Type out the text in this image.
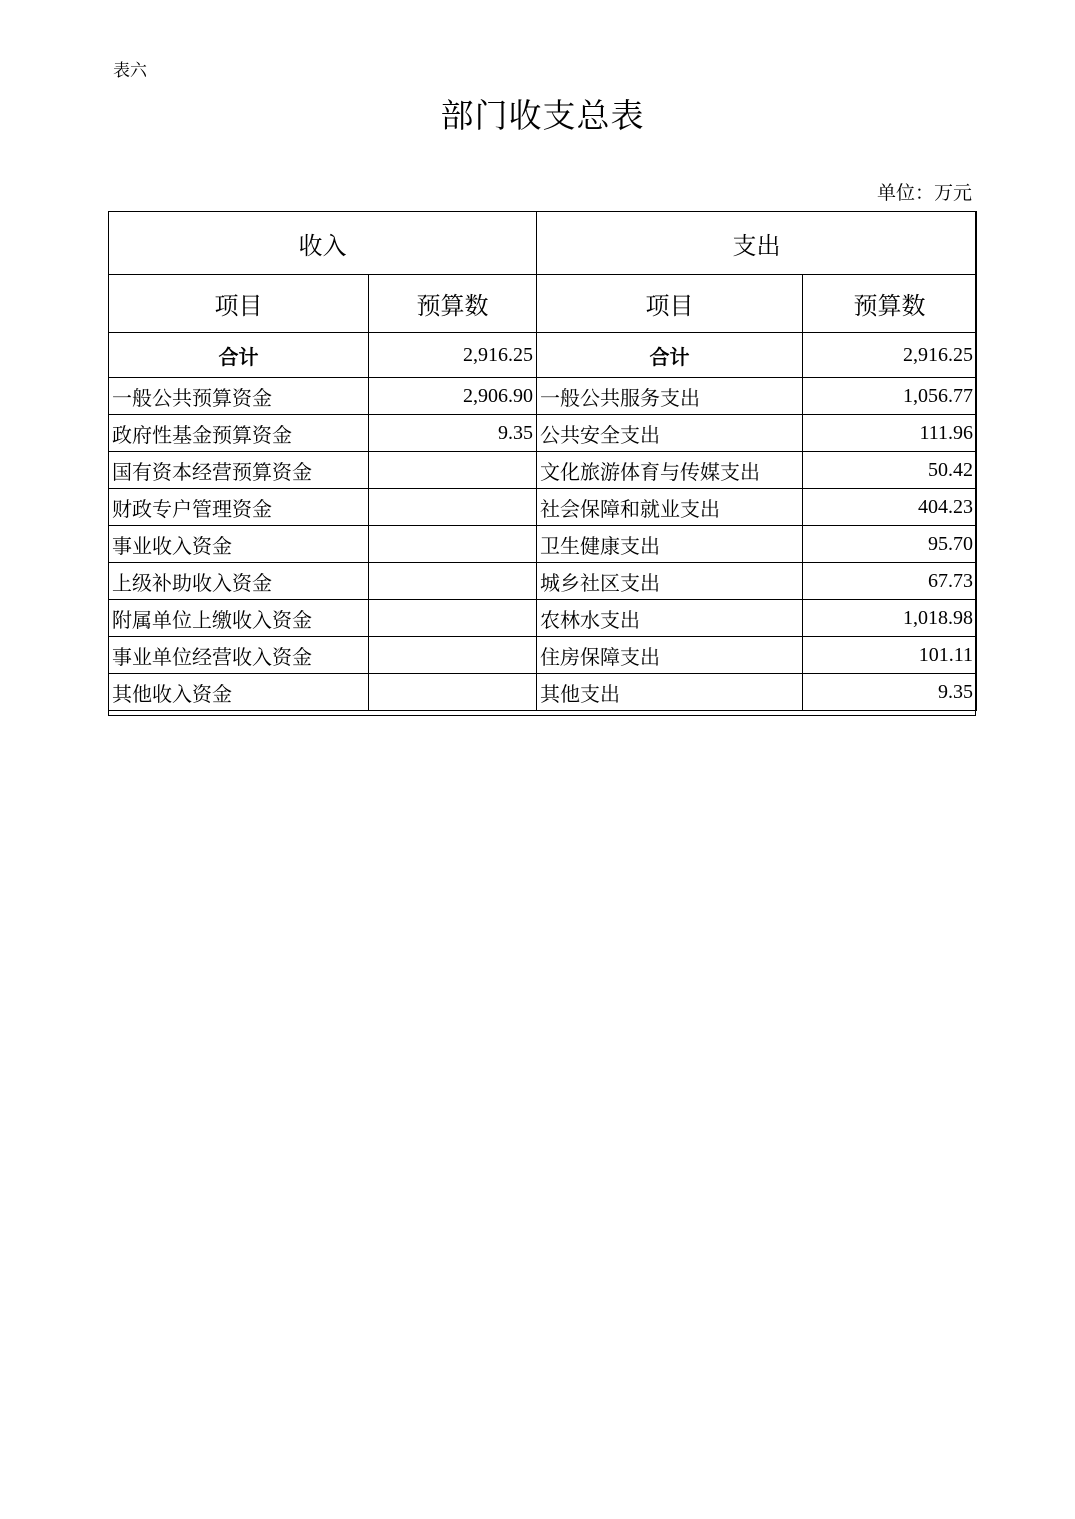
表六
部门收支总表
单位：万元
收入		支出	
项目	预算数	项目	预算数
合计	2,916.25	合计	2,916.25
一般公共预算资金	2,906.90	一般公共服务支出	1,056.77
政府性基金预算资金	9.35	公共安全支出	111.96
国有资本经营预算资金		文化旅游体育与传媒支出	50.42
财政专户管理资金		社会保障和就业支出	404.23
事业收入资金		卫生健康支出	95.70
上级补助收入资金		城乡社区支出	67.73
附属单位上缴收入资金		农林水支出	1,018.98
事业单位经营收入资金		住房保障支出	101.11
其他收入资金		其他支出	9.35
